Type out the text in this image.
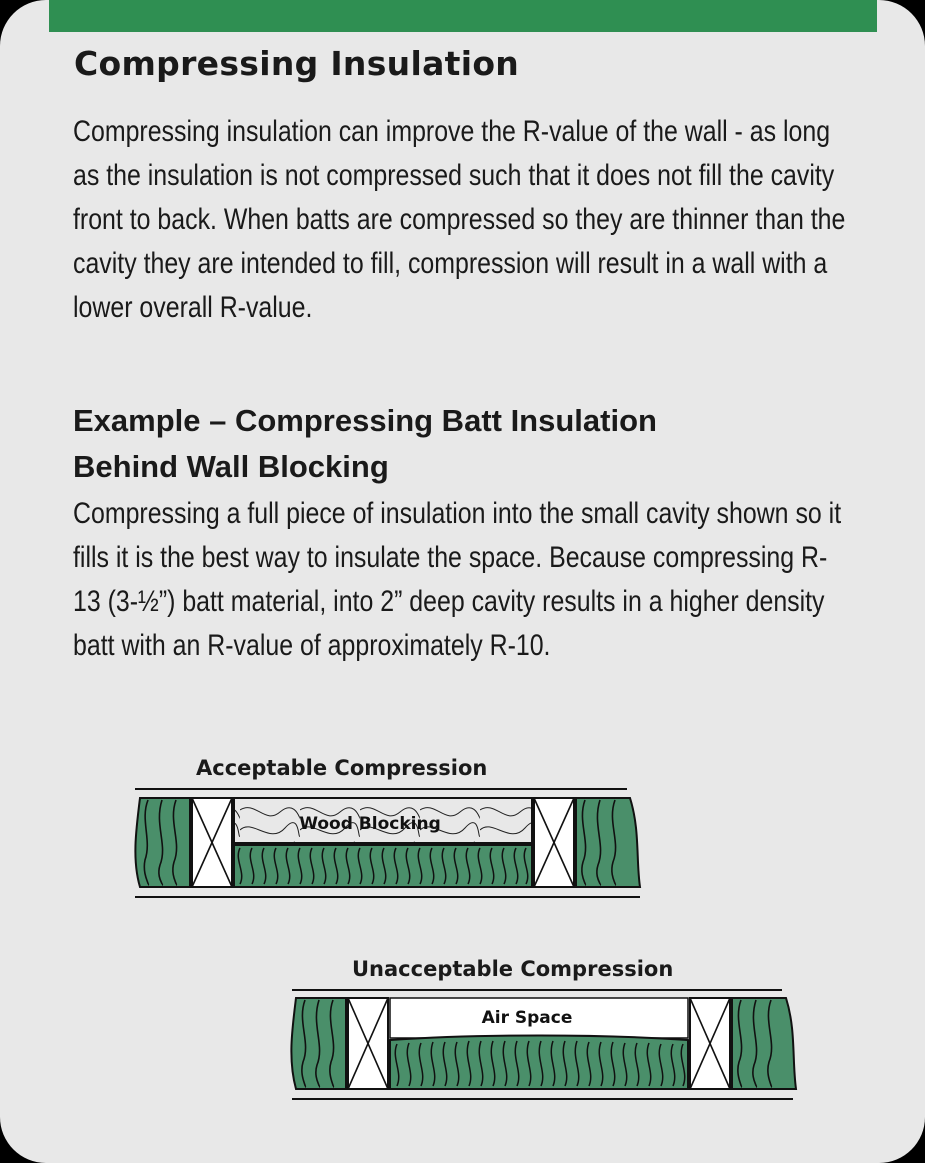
Compressing Insulation
Compressing insulation can improve the R-value of the wall - as long as the insulation is not compressed such that it does not fill the cavity front to back. When batts are compressed so they are thinner than the cavity they are intended to fill, compression will result in a wall with a lower overall R-value.
Example – Compressing Batt Insulation
Behind Wall Blocking
Compressing a full piece of insulation into the small cavity shown so it fills it is the best way to insulate the space. Because compressing R-13 (3-½”) batt material, into 2” deep cavity results in a higher density batt with an R-value of approximately R-10.
Acceptable Compression
Unacceptable Compression
Wood Blocking
Air Space
